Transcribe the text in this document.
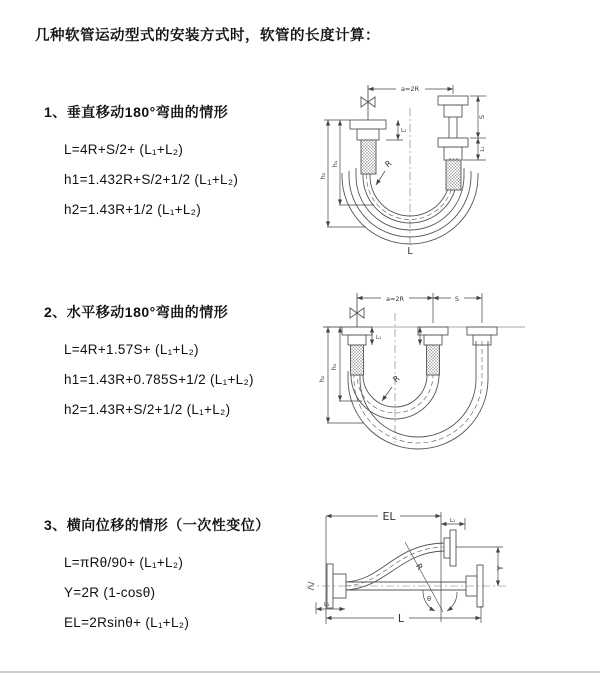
几种软管运动型式的安装方式时，软管的长度计算：
1、垂直移动180°弯曲的情形
L=4R+S/2+ (L₁+L₂)
h1=1.432R+S/2+1/2 (L₁+L₂)
h2=1.43R+1/2 (L₁+L₂)
2、水平移动180°弯曲的情形
L=4R+1.57S+ (L₁+L₂)
h1=1.43R+0.785S+1/2 (L₁+L₂)
h2=1.43R+S/2+1/2 (L₁+L₂)
3、横向位移的情形（一次性变位）
L=πRθ/90+ (L₁+L₂)
Y=2R (1-cosθ)
EL=2Rsinθ+ (L₁+L₂)
a=2R
S
L₁
h₁
h₂
L₁
R
L
a=2R	S
h₁
h₂
L₁
R
EL	L₁
Y
L
L₁
θ
R
